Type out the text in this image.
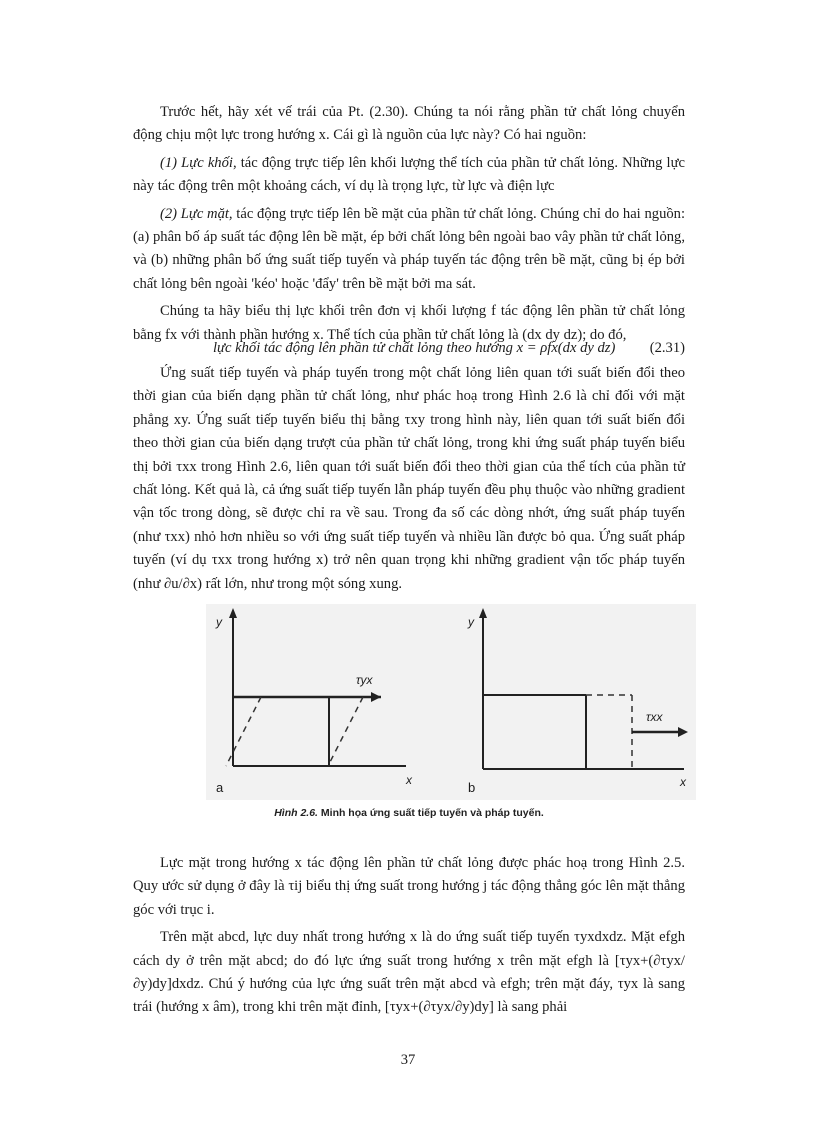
Trước hết, hãy xét vế trái của Pt. (2.30). Chúng ta nói rằng phần tử chất lỏng chuyển động chịu một lực trong hướng x. Cái gì là nguồn của lực này? Có hai nguồn:

(1) Lực khối, tác động trực tiếp lên khối lượng thể tích của phần tử chất lỏng. Những lực này tác động trên một khoảng cách, ví dụ là trọng lực, từ lực và điện lực

(2) Lực mặt, tác động trực tiếp lên bề mặt của phần tử chất lỏng. Chúng chỉ do hai nguồn: (a) phân bố áp suất tác động lên bề mặt, ép bởi chất lỏng bên ngoài bao vây phần tử chất lỏng, và (b) những phân bố ứng suất tiếp tuyến và pháp tuyến tác động trên bề mặt, cũng bị ép bởi chất lỏng bên ngoài 'kéo' hoặc 'đẩy' trên bề mặt bởi ma sát.

Chúng ta hãy biểu thị lực khối trên đơn vị khối lượng f tác động lên phần tử chất lỏng bằng fx với thành phần hướng x. Thể tích của phần tử chất lỏng là (dx dy dz); do đó,

lực khối tác động lên phần tử chất lỏng theo hướng x = ρfx(dx dy dz) (2.31)

Ứng suất tiếp tuyến và pháp tuyến trong một chất lỏng liên quan tới suất biến đổi theo thời gian của biến dạng phần tử chất lỏng, như phác hoạ trong Hình 2.6 là chỉ đối với mặt phẳng xy. Ứng suất tiếp tuyến biểu thị bằng τxy trong hình này, liên quan tới suất biến đổi theo thời gian của biến dạng trượt của phần tử chất lỏng, trong khi ứng suất pháp tuyến biểu thị bởi τxx trong Hình 2.6, liên quan tới suất biến đổi theo thời gian của thể tích của phần tử chất lỏng. Kết quả là, cả ứng suất tiếp tuyến lẫn pháp tuyến đều phụ thuộc vào những gradient vận tốc trong dòng, sẽ được chỉ ra về sau. Trong đa số các dòng nhớt, ứng suất pháp tuyến (như τxx) nhỏ hơn nhiều so với ứng suất tiếp tuyến và nhiều lần được bỏ qua. Ứng suất pháp tuyến (ví dụ τxx trong hướng x) trở nên quan trọng khi những gradient vận tốc pháp tuyến (như ∂u/∂x) rất lớn, như trong một sóng xung.

y
x
a
τyx
y
x
b
τxx
Hình 2.6. Minh họa ứng suất tiếp tuyến và pháp tuyến.

Lực mặt trong hướng x tác động lên phần tử chất lỏng được phác hoạ trong Hình 2.5. Quy ước sử dụng ở đây là τij biểu thị ứng suất trong hướng j tác động thẳng góc lên mặt thẳng góc với trục i.

Trên mặt abcd, lực duy nhất trong hướng x là do ứng suất tiếp tuyến τyxdxdz. Mặt efgh cách dy ở trên mặt abcd; do đó lực ứng suất trong hướng x trên mặt efgh là [τyx+(∂τyx/∂y)dy]dxdz. Chú ý hướng của lực ứng suất trên mặt abcd và efgh; trên mặt đáy, τyx là sang trái (hướng x âm), trong khi trên mặt đỉnh, [τyx+(∂τyx/∂y)dy] là sang phải

37
